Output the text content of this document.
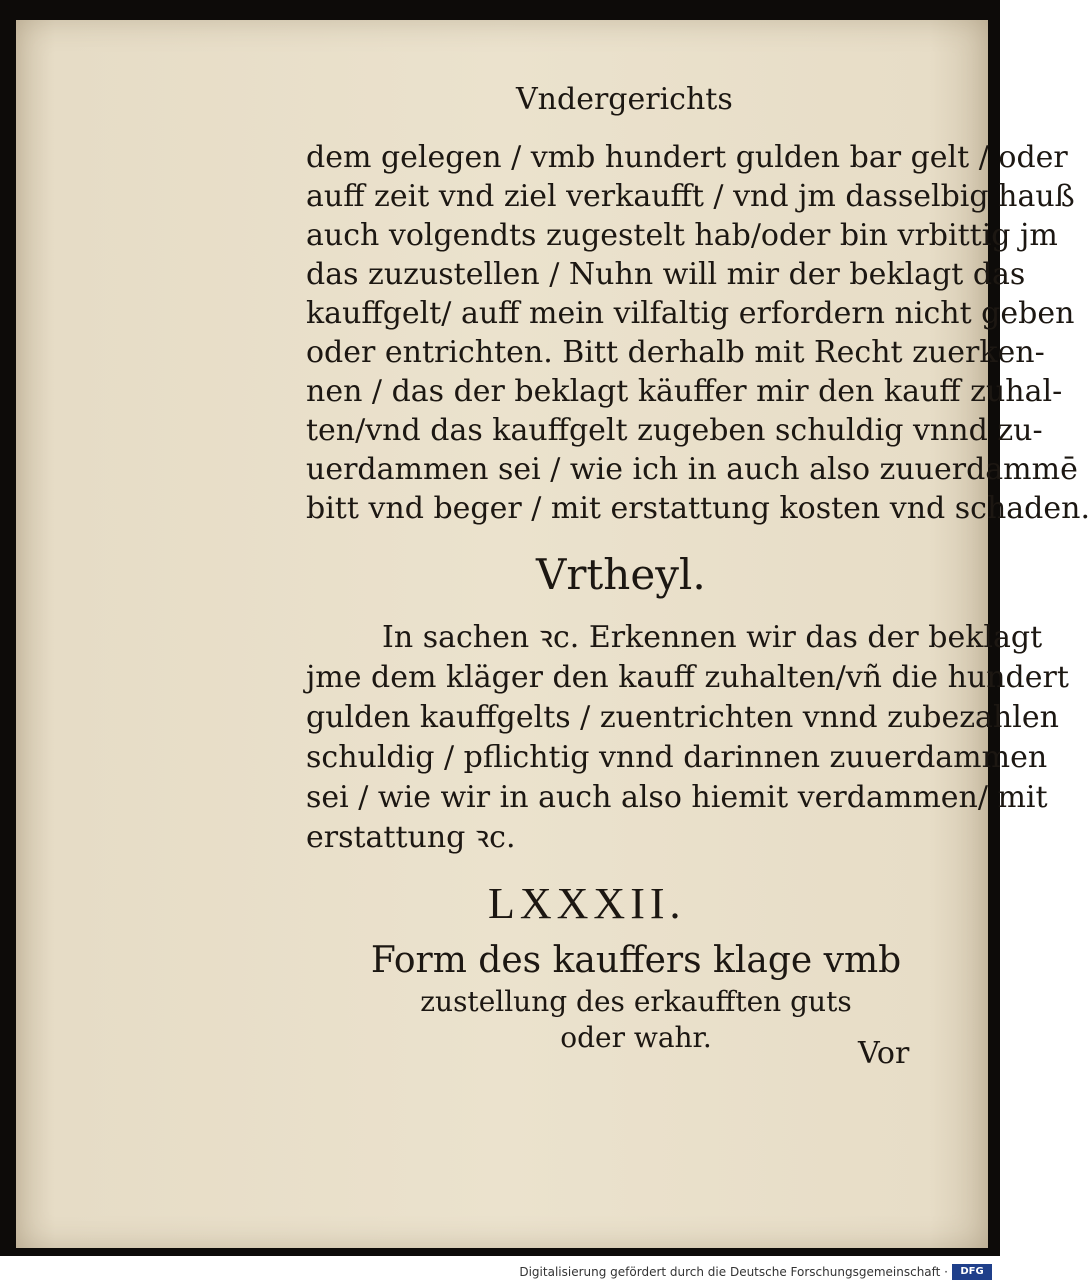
Vndergerichts
dem gelegen / vmb hundert gulden bar gelt / oder
auff zeit vnd ziel verkaufft / vnd jm dasselbig hauß
auch volgendts zugestelt hab/oder bin vrbittig jm
das zuzustellen / Nuhn will mir der beklagt das
kauffgelt/ auff mein vilfaltig erfordern nicht geben
oder entrichten. Bitt derhalb mit Recht zuerken-
nen / das der beklagt käuffer mir den kauff zuhal-
ten/vnd das kauffgelt zugeben schuldig vnnd zu-
uerdammen sei / wie ich in auch also zuuerdammē
bitt vnd beger / mit erstattung kosten vnd schaden.
Vrtheyl.
In sachen ꝛc. Erkennen wir das der beklagt
jme dem kläger den kauff zuhalten/vñ die hundert
gulden kauffgelts / zuentrichten vnnd zubezahlen
schuldig / pflichtig vnnd darinnen zuuerdammen
sei / wie wir in auch also hiemit verdammen/ mit
erstattung ꝛc.
LXXXII.
Form des kauffers klage vmb
zustellung des erkaufften guts
oder wahr.	Vor
Digitalisierung gefördert durch die Deutsche Forschungsgemeinschaft ·	DFG
